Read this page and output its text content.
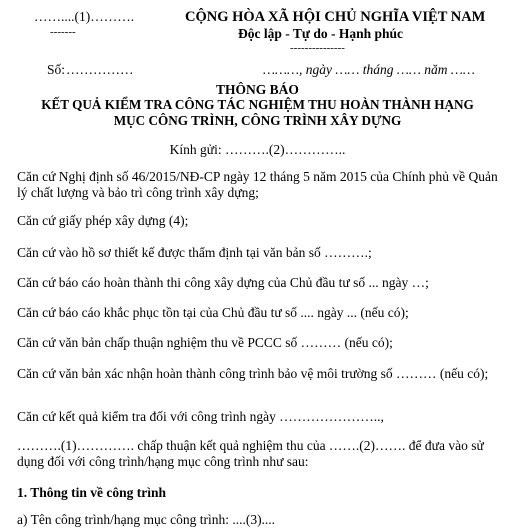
……....(1)……….
-------
CỘNG HÒA XÃ HỘI CHỦ NGHĨA VIỆT NAM
Độc lập - Tự do - Hạnh phúc
---------------
Số: ……………	………, ngày …… tháng …… năm ……
THÔNG BÁO
KẾT QUẢ KIỂM TRA CÔNG TÁC NGHIỆM THU HOÀN THÀNH HẠNG
MỤC CÔNG TRÌNH, CÔNG TRÌNH XÂY DỰNG
Kính gửi: ……….(2)…………..
Căn cứ Nghị định số 46/2015/NĐ-CP ngày 12 tháng 5 năm 2015 của Chính phủ về Quản lý chất lượng và bảo trì công trình xây dựng;
Căn cứ giấy phép xây dựng (4);
Căn cứ vào hồ sơ thiết kế được thẩm định tại văn bản số ……….;
Căn cứ báo cáo hoàn thành thi công xây dựng của Chủ đầu tư số ... ngày …;
Căn cứ báo cáo khắc phục tồn tại của Chủ đầu tư số .... ngày ... (nếu có);
Căn cứ văn bản chấp thuận nghiệm thu về PCCC số ……… (nếu có);
Căn cứ văn bản xác nhận hoàn thành công trình bảo vệ môi trường số ……… (nếu có);
Căn cứ kết quả kiểm tra đối với công trình ngày …………………..,
……….(1)…………. chấp thuận kết quả nghiệm thu của …….(2)……. để đưa vào sử dụng đối với công trình/hạng mục công trình như sau:
1. Thông tin về công trình
a) Tên công trình/hạng mục công trình: ....(3)....
